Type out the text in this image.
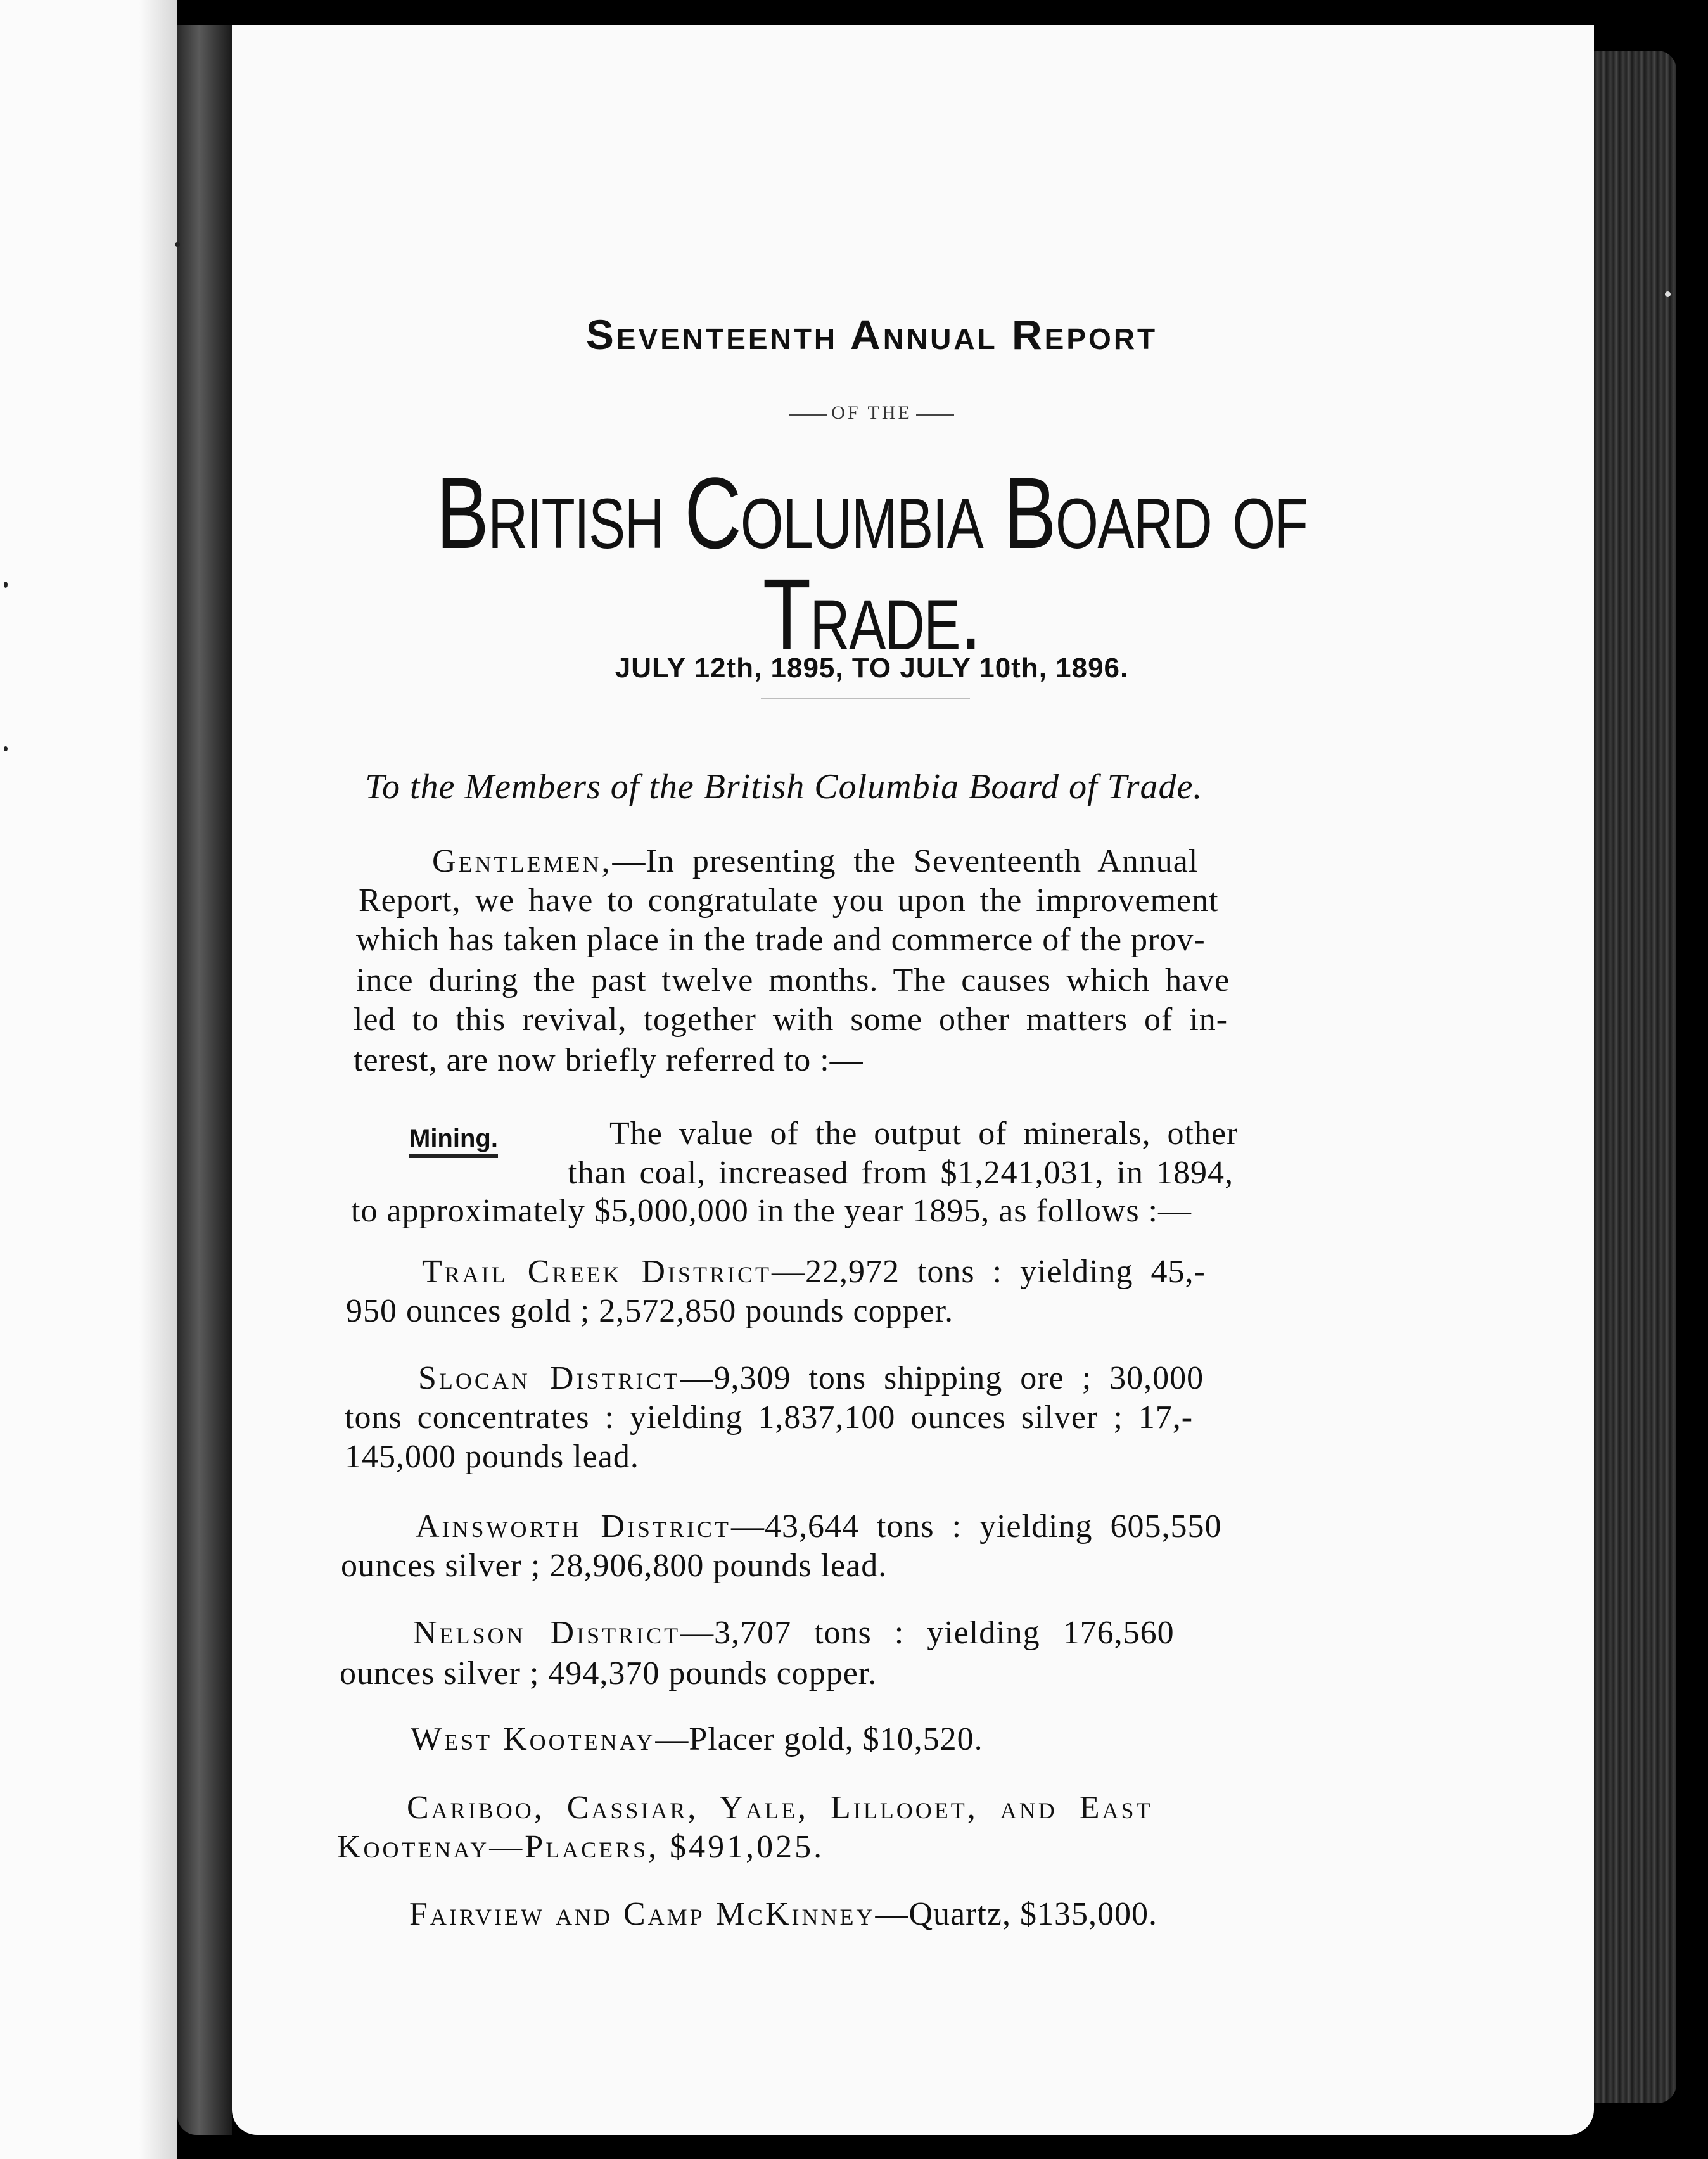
Seventeenth Annual Report
OF THE
British Columbia Board of Trade.
JULY 12th, 1895, TO JULY 10th, 1896.
To the Members of the British Columbia Board of Trade.
Gentlemen,—In presenting the Seventeenth Annual
Report, we have to congratulate you upon the improvement
which has taken place in the trade and commerce of the prov-
ince during the past twelve months. The causes which have
led to this revival, together with some other matters of in-
terest, are now briefly referred to :—
Mining.	The value of the output of minerals, other
than coal, increased from $1,241,031, in 1894,
to approximately $5,000,000 in the year 1895, as follows :—
Trail Creek District—22,972 tons : yielding 45,-
950 ounces gold ; 2,572,850 pounds copper.
Slocan District—9,309 tons shipping ore ; 30,000
tons concentrates : yielding 1,837,100 ounces silver ; 17,-
145,000 pounds lead.
Ainsworth District—43,644 tons : yielding 605,550
ounces silver ; 28,906,800 pounds lead.
Nelson District—3,707 tons : yielding 176,560
ounces silver ; 494,370 pounds copper.
West Kootenay—Placer gold, $10,520.
Cariboo, Cassiar, Yale, Lillooet, and East
Kootenay—Placers, $491,025.
Fairview and Camp McKinney—Quartz, $135,000.
